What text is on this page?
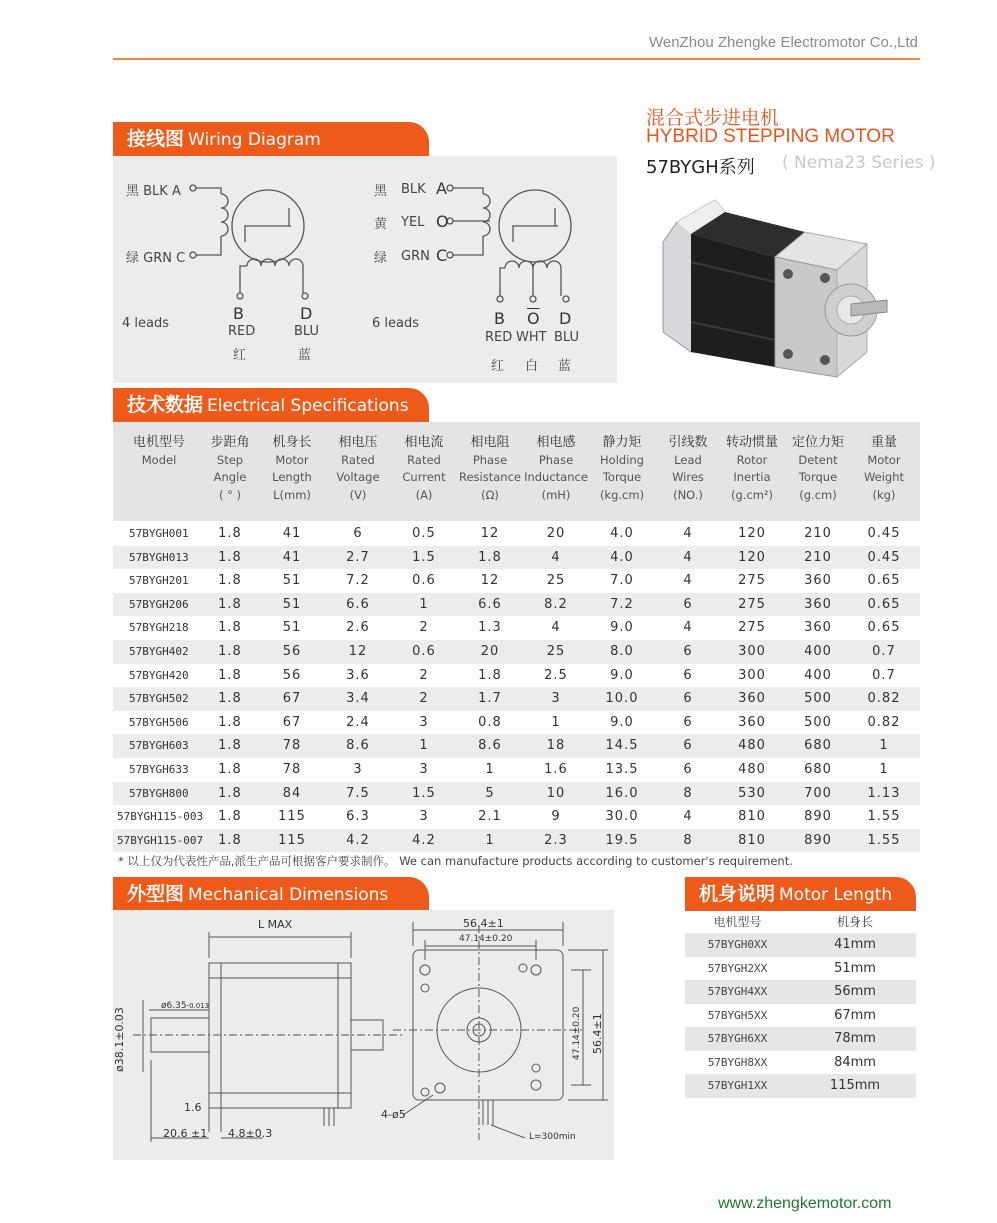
WenZhou Zhengke Electromotor Co.,Ltd
混合式步进电机
HYBRID STEPPING MOTOR
57BYGH系列 ( Nema23 Series )
接线图 Wiring Diagram
黑 BLK A
绿 GRN C
4 leads
B
RED
红
D
BLU
蓝
黑 BLK A
黄 YEL O
绿 GRN C
6 leads	B
RED
红
$\overline{O}$
WHT
白
D
BLU
蓝
技术数据 Electrical Specifications
电机型号
Model
步距角
Step
Angle
( ° )
机身长
Motor
Length
L(mm)
相电压
Rated
Voltage
(V)
相电流
Rated
Current
(A)
相电阻
Phase
Resistance
(Ω)
相电感
Phase
Inductance
(mH)
静力矩
Holding
Torque
(kg.cm)
引线数
Lead
Wires
(NO.)
转动惯量
Rotor
Inertia
(g.cm²)
定位力矩
Detent
Torque
(g.cm)
重量
Motor
Weight
(kg)
57BYGH001	1.8	41	6	0.5	12	20	4.0	4	120	210	0.45
57BYGH013	1.8	41	2.7	1.5	1.8	4	4.0	4	120	210	0.45
57BYGH201	1.8	51	7.2	0.6	12	25	7.0	4	275	360	0.65
57BYGH206	1.8	51	6.6	1	6.6	8.2	7.2	6	275	360	0.65
57BYGH218	1.8	51	2.6	2	1.3	4	9.0	4	275	360	0.65
57BYGH402	1.8	56	12	0.6	20	25	8.0	6	300	400	0.7
57BYGH420	1.8	56	3.6	2	1.8	2.5	9.0	6	300	400	0.7
57BYGH502	1.8	67	3.4	2	1.7	3	10.0	6	360	500	0.82
57BYGH506	1.8	67	2.4	3	0.8	1	9.0	6	360	500	0.82
57BYGH603	1.8	78	8.6	1	8.6	18	14.5	6	480	680	1
57BYGH633	1.8	78	3	3	1	1.6	13.5	6	480	680	1
57BYGH800	1.8	84	7.5	1.5	5	10	16.0	8	530	700	1.13
57BYGH115-003	1.8	115	6.3	3	2.1	9	30.0	4	810	890	1.55
57BYGH115-007	1.8	115	4.2	4.2	1	2.3	19.5	8	810	890	1.55
* 以上仅为代表性产品,派生产品可根据客户要求制作。 We can manufacture products according to customer's requirement.
外型图 Mechanical Dimensions
L MAX
ø6.35-0.013
ø38.1±0.03
1.6
20.6 ±1 4.8±0.3
56.4±1
47.14±0.20
47.14±0.20 56.4±1
4-ø5
L=300min
机身说明 Motor Length
电机型号	机身长
57BYGH0XX	41mm
57BYGH2XX	51mm
57BYGH4XX	56mm
57BYGH5XX	67mm
57BYGH6XX	78mm
57BYGH8XX	84mm
57BYGH1XX	115mm
www.zhengkemotor.com
